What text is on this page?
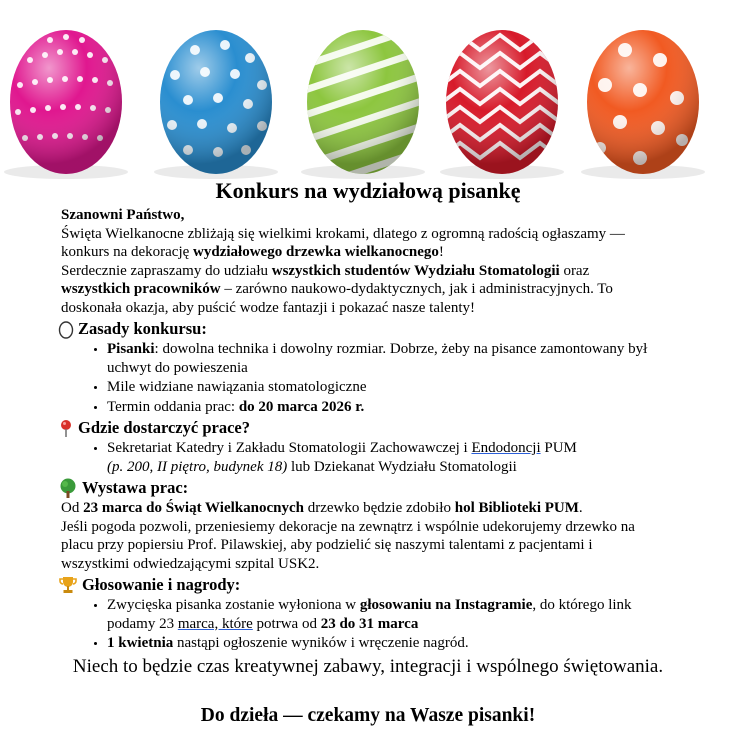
Konkurs na wydziałową pisankę

Szanowni Państwo,

Święta Wielkanocne zbliżają się wielkimi krokami, dlatego z ogromną radością ogłaszamy — konkurs na dekorację wydziałowego drzewka wielkanocnego!

Serdecznie zapraszamy do udziału wszystkich studentów Wydziału Stomatologii oraz wszystkich pracowników – zarówno naukowo-dydaktycznych, jak i administracyjnych. To doskonała okazja, aby puścić wodze fantazji i pokazać nasze talenty!

Zasady konkursu:
• Pisanki: dowolna technika i dowolny rozmiar. Dobrze, żeby na pisance zamontowany był uchwyt do powieszenia
• Mile widziane nawiązania stomatologiczne
• Termin oddania prac: do 20 marca 2026 r.
Gdzie dostarczyć prace?
• Sekretariat Katedry i Zakładu Stomatologii Zachowawczej i Endodoncji PUM
(p. 200, II piętro, budynek 18) lub Dziekanat Wydziału Stomatologii
Wystawa prac:

Od 23 marca do Świąt Wielkanocnych drzewko będzie zdobiło hol Biblioteki PUM.

Jeśli pogoda pozwoli, przeniesiemy dekoracje na zewnątrz i wspólnie udekorujemy drzewko na placu przy popiersiu Prof. Pilawskiej, aby podzielić się naszymi talentami z pacjentami i wszystkimi odwiedzającymi szpital USK2.

Głosowanie i nagrody:
• Zwycięska pisanka zostanie wyłoniona w głosowaniu na Instagramie, do którego link podamy 23 marca, które potrwa od 23 do 31 marca
• 1 kwietnia nastąpi ogłoszenie wyników i wręczenie nagród.
Niech to będzie czas kreatywnej zabawy, integracji i wspólnego świętowania.
Do dzieła — czekamy na Wasze pisanki!
